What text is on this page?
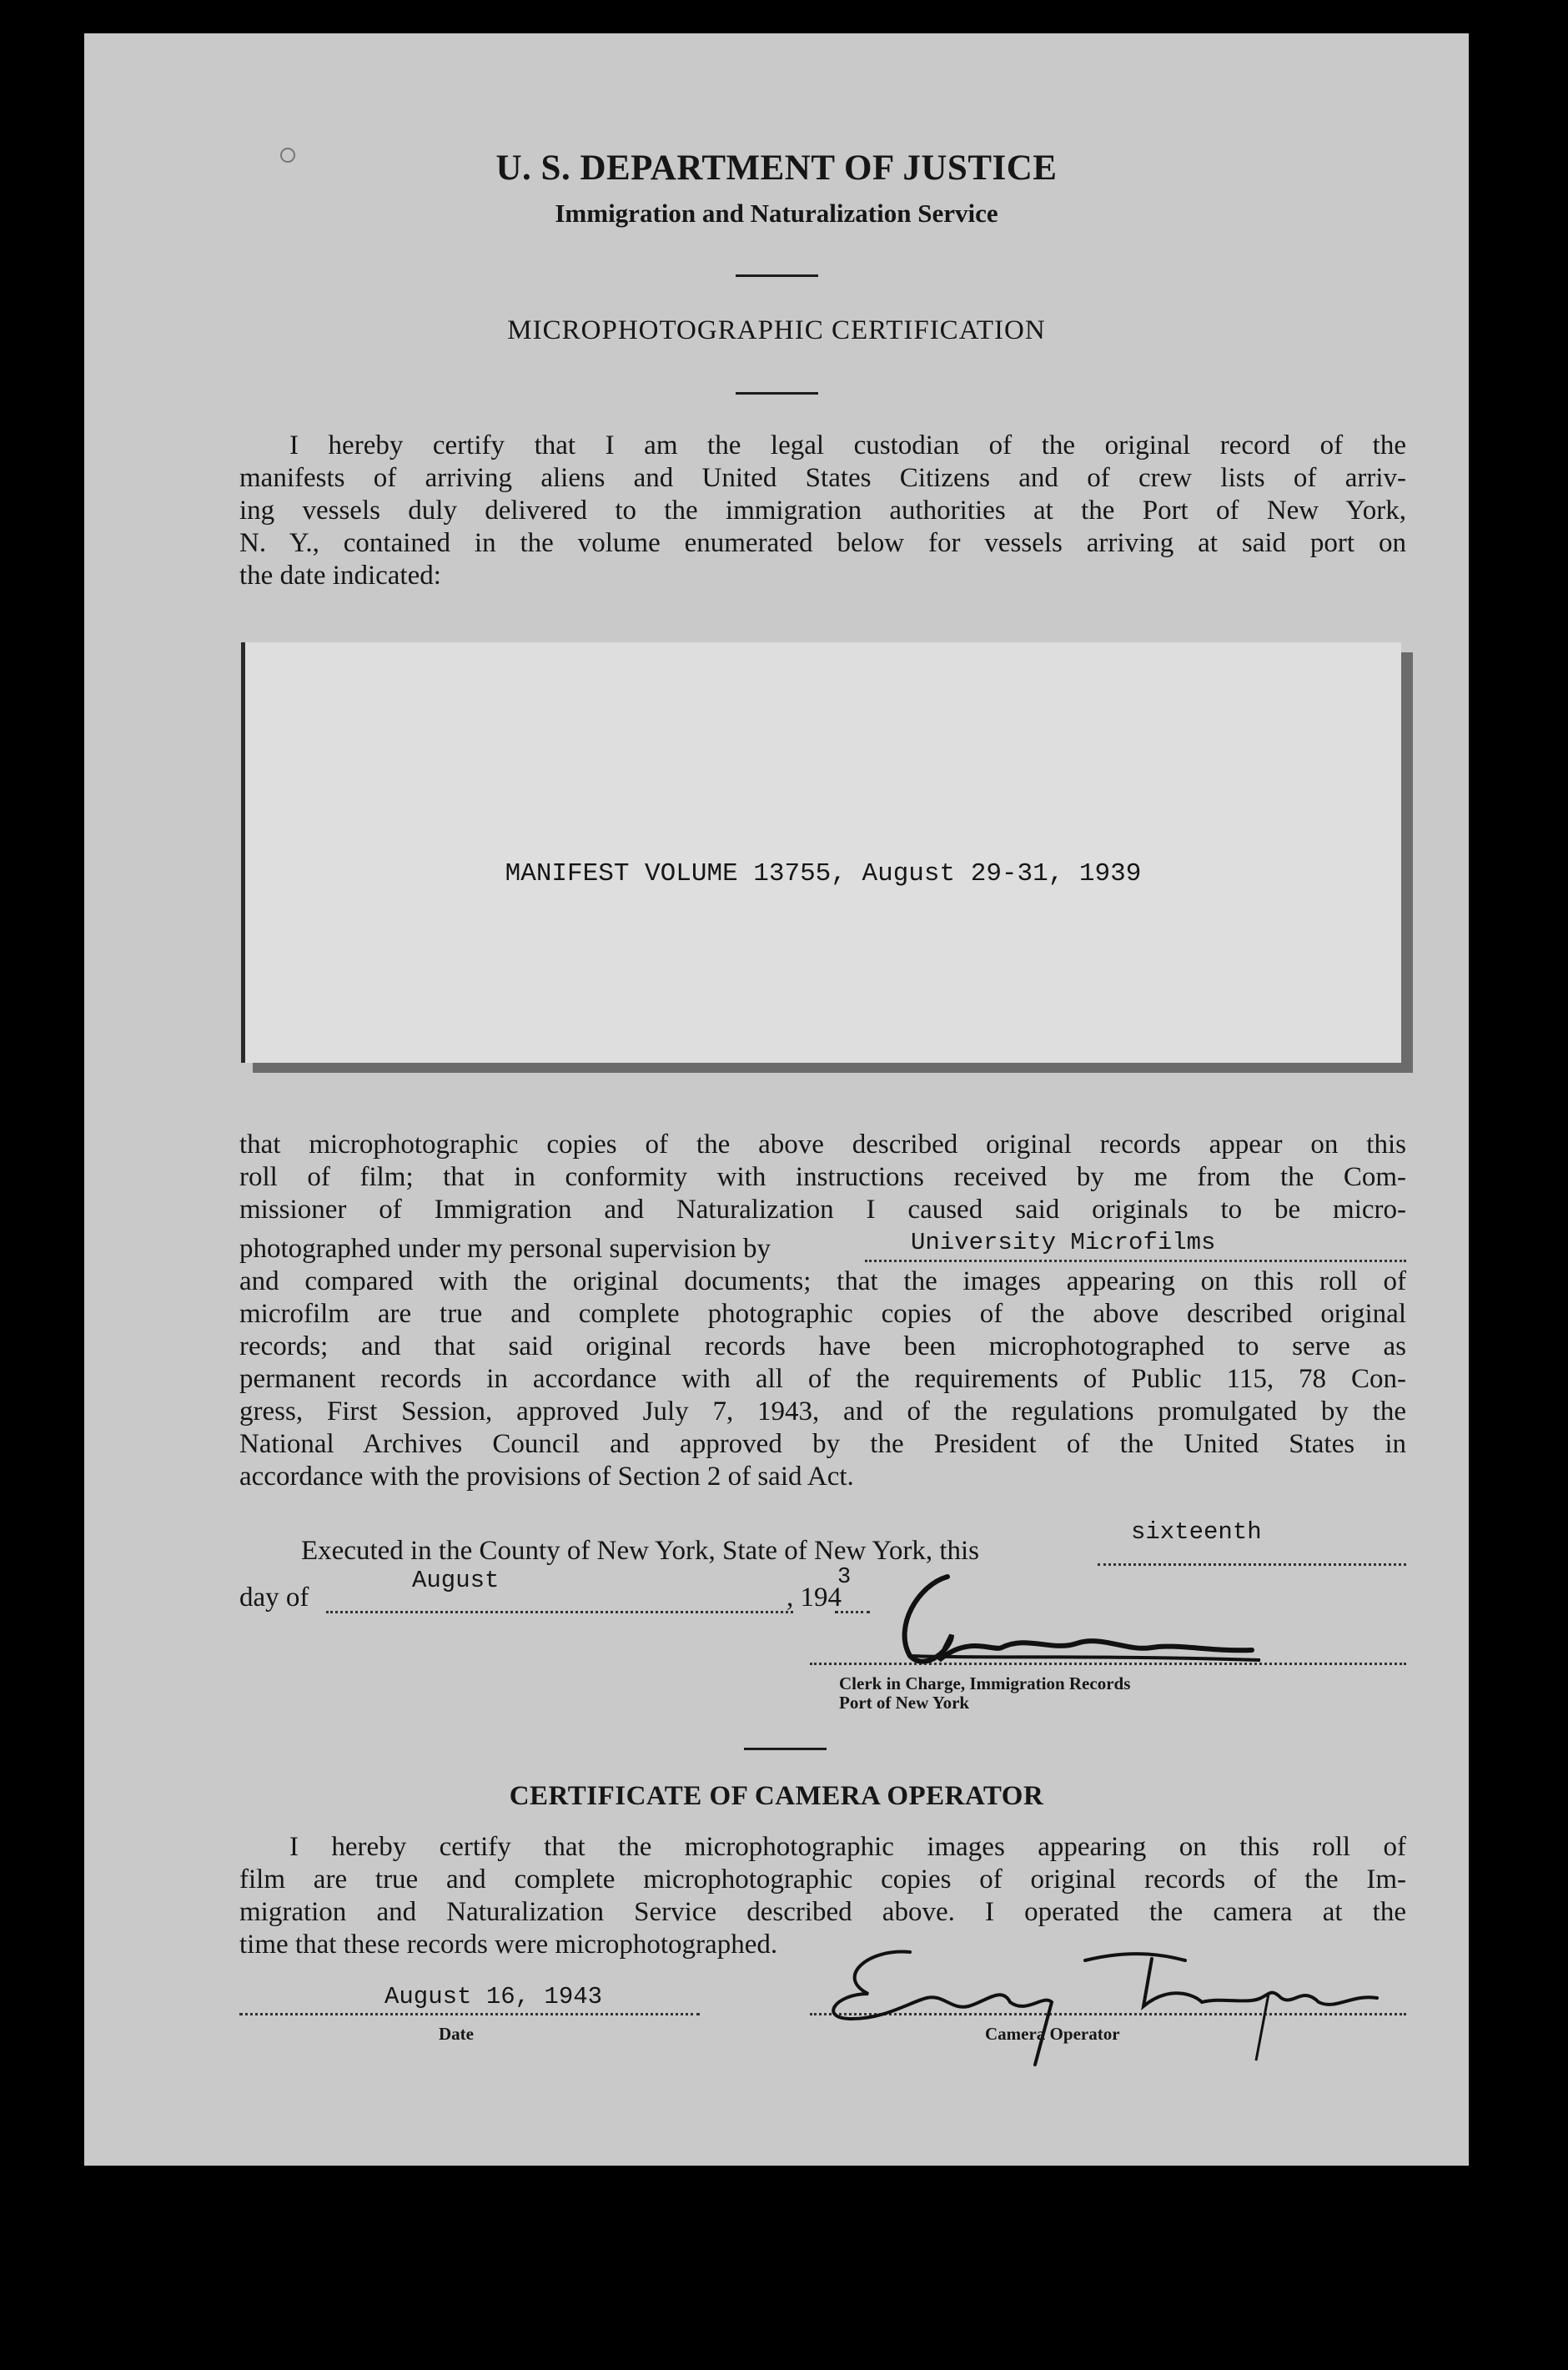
U. S. DEPARTMENT OF JUSTICE
Immigration and Naturalization Service
MICROPHOTOGRAPHIC CERTIFICATION
I hereby certify that I am the legal custodian of the original record of the
manifests of arriving aliens and United States Citizens and of crew lists of arriv-
ing vessels duly delivered to the immigration authorities at the Port of New York,
N. Y., contained in the volume enumerated below for vessels arriving at said port on
the date indicated:
MANIFEST VOLUME 13755, August 29-31, 1939
that microphotographic copies of the above described original records appear on this
roll of film; that in conformity with instructions received by me from the Com-
missioner of Immigration and Naturalization I caused said originals to be micro-
photographed under my personal supervision by	University Microfilms
and compared with the original documents; that the images appearing on this roll of
microfilm are true and complete photographic copies of the above described original
records; and that said original records have been microphotographed to serve as
permanent records in accordance with all of the requirements of Public 115, 78 Con-
gress, First Session, approved July 7, 1943, and of the regulations promulgated by the
National Archives Council and approved by the President of the United States in
accordance with the provisions of Section 2 of said Act.
Executed in the County of New York, State of New York, this
sixteenth
day of
August
, 194
3
Clerk in Charge, Immigration Records
Port of New York
CERTIFICATE OF CAMERA OPERATOR
I hereby certify that the microphotographic images appearing on this roll of
film are true and complete microphotographic copies of original records of the Im-
migration and Naturalization Service described above. I operated the camera at the
time that these records were microphotographed.
August 16, 1943
Date	Camera Operator
